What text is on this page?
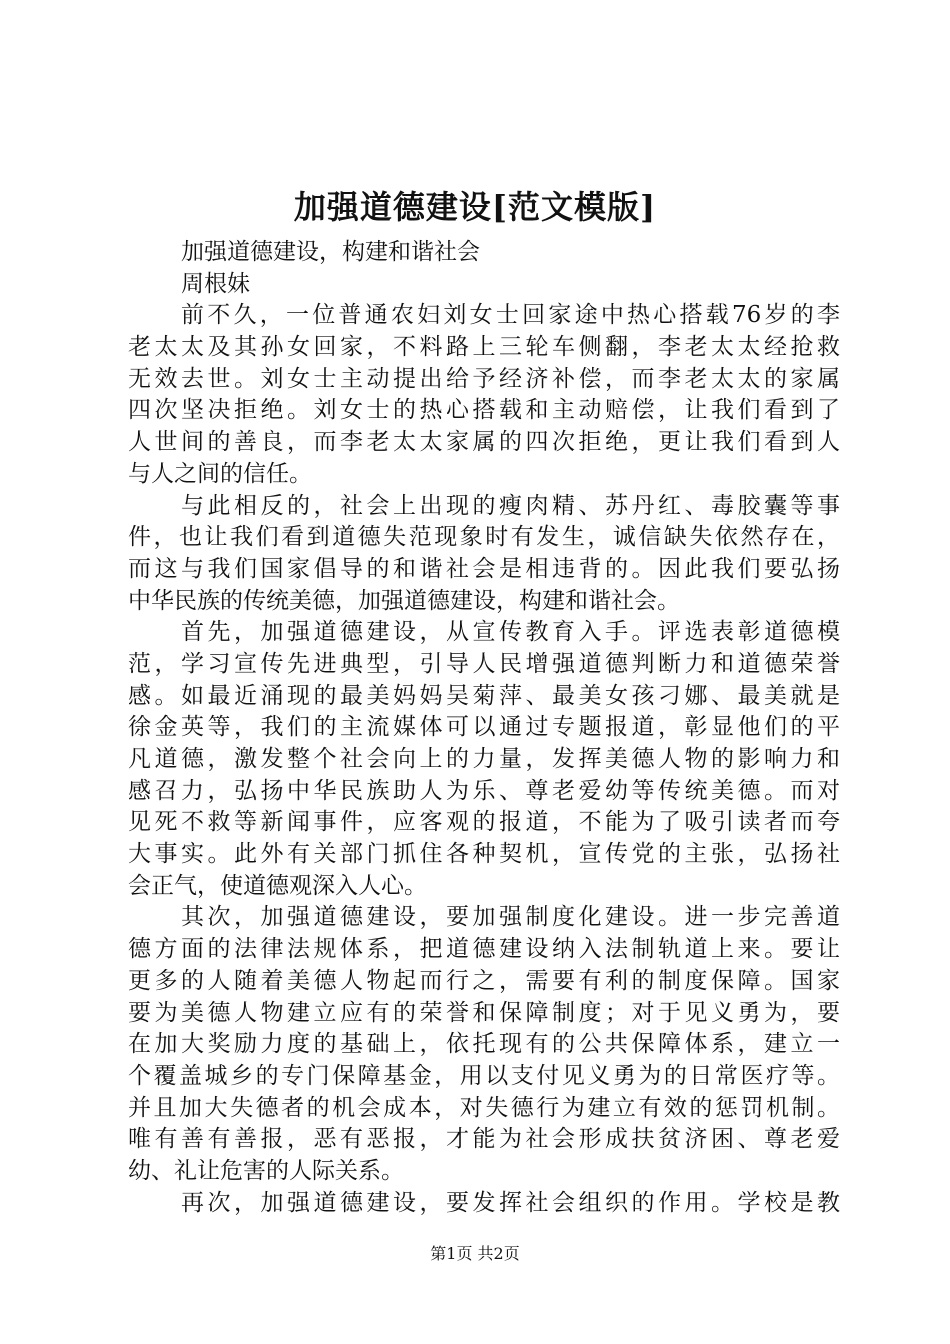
加强道德建设[范文模版]
加强道德建设，构建和谐社会
周根妹
前不久，一位普通农妇刘女士回家途中热心搭载76岁的李
老太太及其孙女回家，不料路上三轮车侧翻，李老太太经抢救
无效去世。刘女士主动提出给予经济补偿，而李老太太的家属
四次坚决拒绝。刘女士的热心搭载和主动赔偿，让我们看到了
人世间的善良，而李老太太家属的四次拒绝，更让我们看到人
与人之间的信任。
与此相反的，社会上出现的瘦肉精、苏丹红、毒胶囊等事
件，也让我们看到道德失范现象时有发生，诚信缺失依然存在，
而这与我们国家倡导的和谐社会是相违背的。因此我们要弘扬
中华民族的传统美德，加强道德建设，构建和谐社会。
首先，加强道德建设，从宣传教育入手。评选表彰道德模
范，学习宣传先进典型，引导人民增强道德判断力和道德荣誉
感。如最近涌现的最美妈妈吴菊萍、最美女孩刁娜、最美就是
徐金英等，我们的主流媒体可以通过专题报道，彰显他们的平
凡道德，激发整个社会向上的力量，发挥美德人物的影响力和
感召力，弘扬中华民族助人为乐、尊老爱幼等传统美德。而对
见死不救等新闻事件，应客观的报道，不能为了吸引读者而夸
大事实。此外有关部门抓住各种契机，宣传党的主张，弘扬社
会正气，使道德观深入人心。
其次，加强道德建设，要加强制度化建设。进一步完善道
德方面的法律法规体系，把道德建设纳入法制轨道上来。要让
更多的人随着美德人物起而行之，需要有利的制度保障。国家
要为美德人物建立应有的荣誉和保障制度；对于见义勇为，要
在加大奖励力度的基础上，依托现有的公共保障体系，建立一
个覆盖城乡的专门保障基金，用以支付见义勇为的日常医疗等。
并且加大失德者的机会成本，对失德行为建立有效的惩罚机制。
唯有善有善报，恶有恶报，才能为社会形成扶贫济困、尊老爱
幼、礼让危害的人际关系。
再次，加强道德建设，要发挥社会组织的作用。学校是教
第1页 共2页
